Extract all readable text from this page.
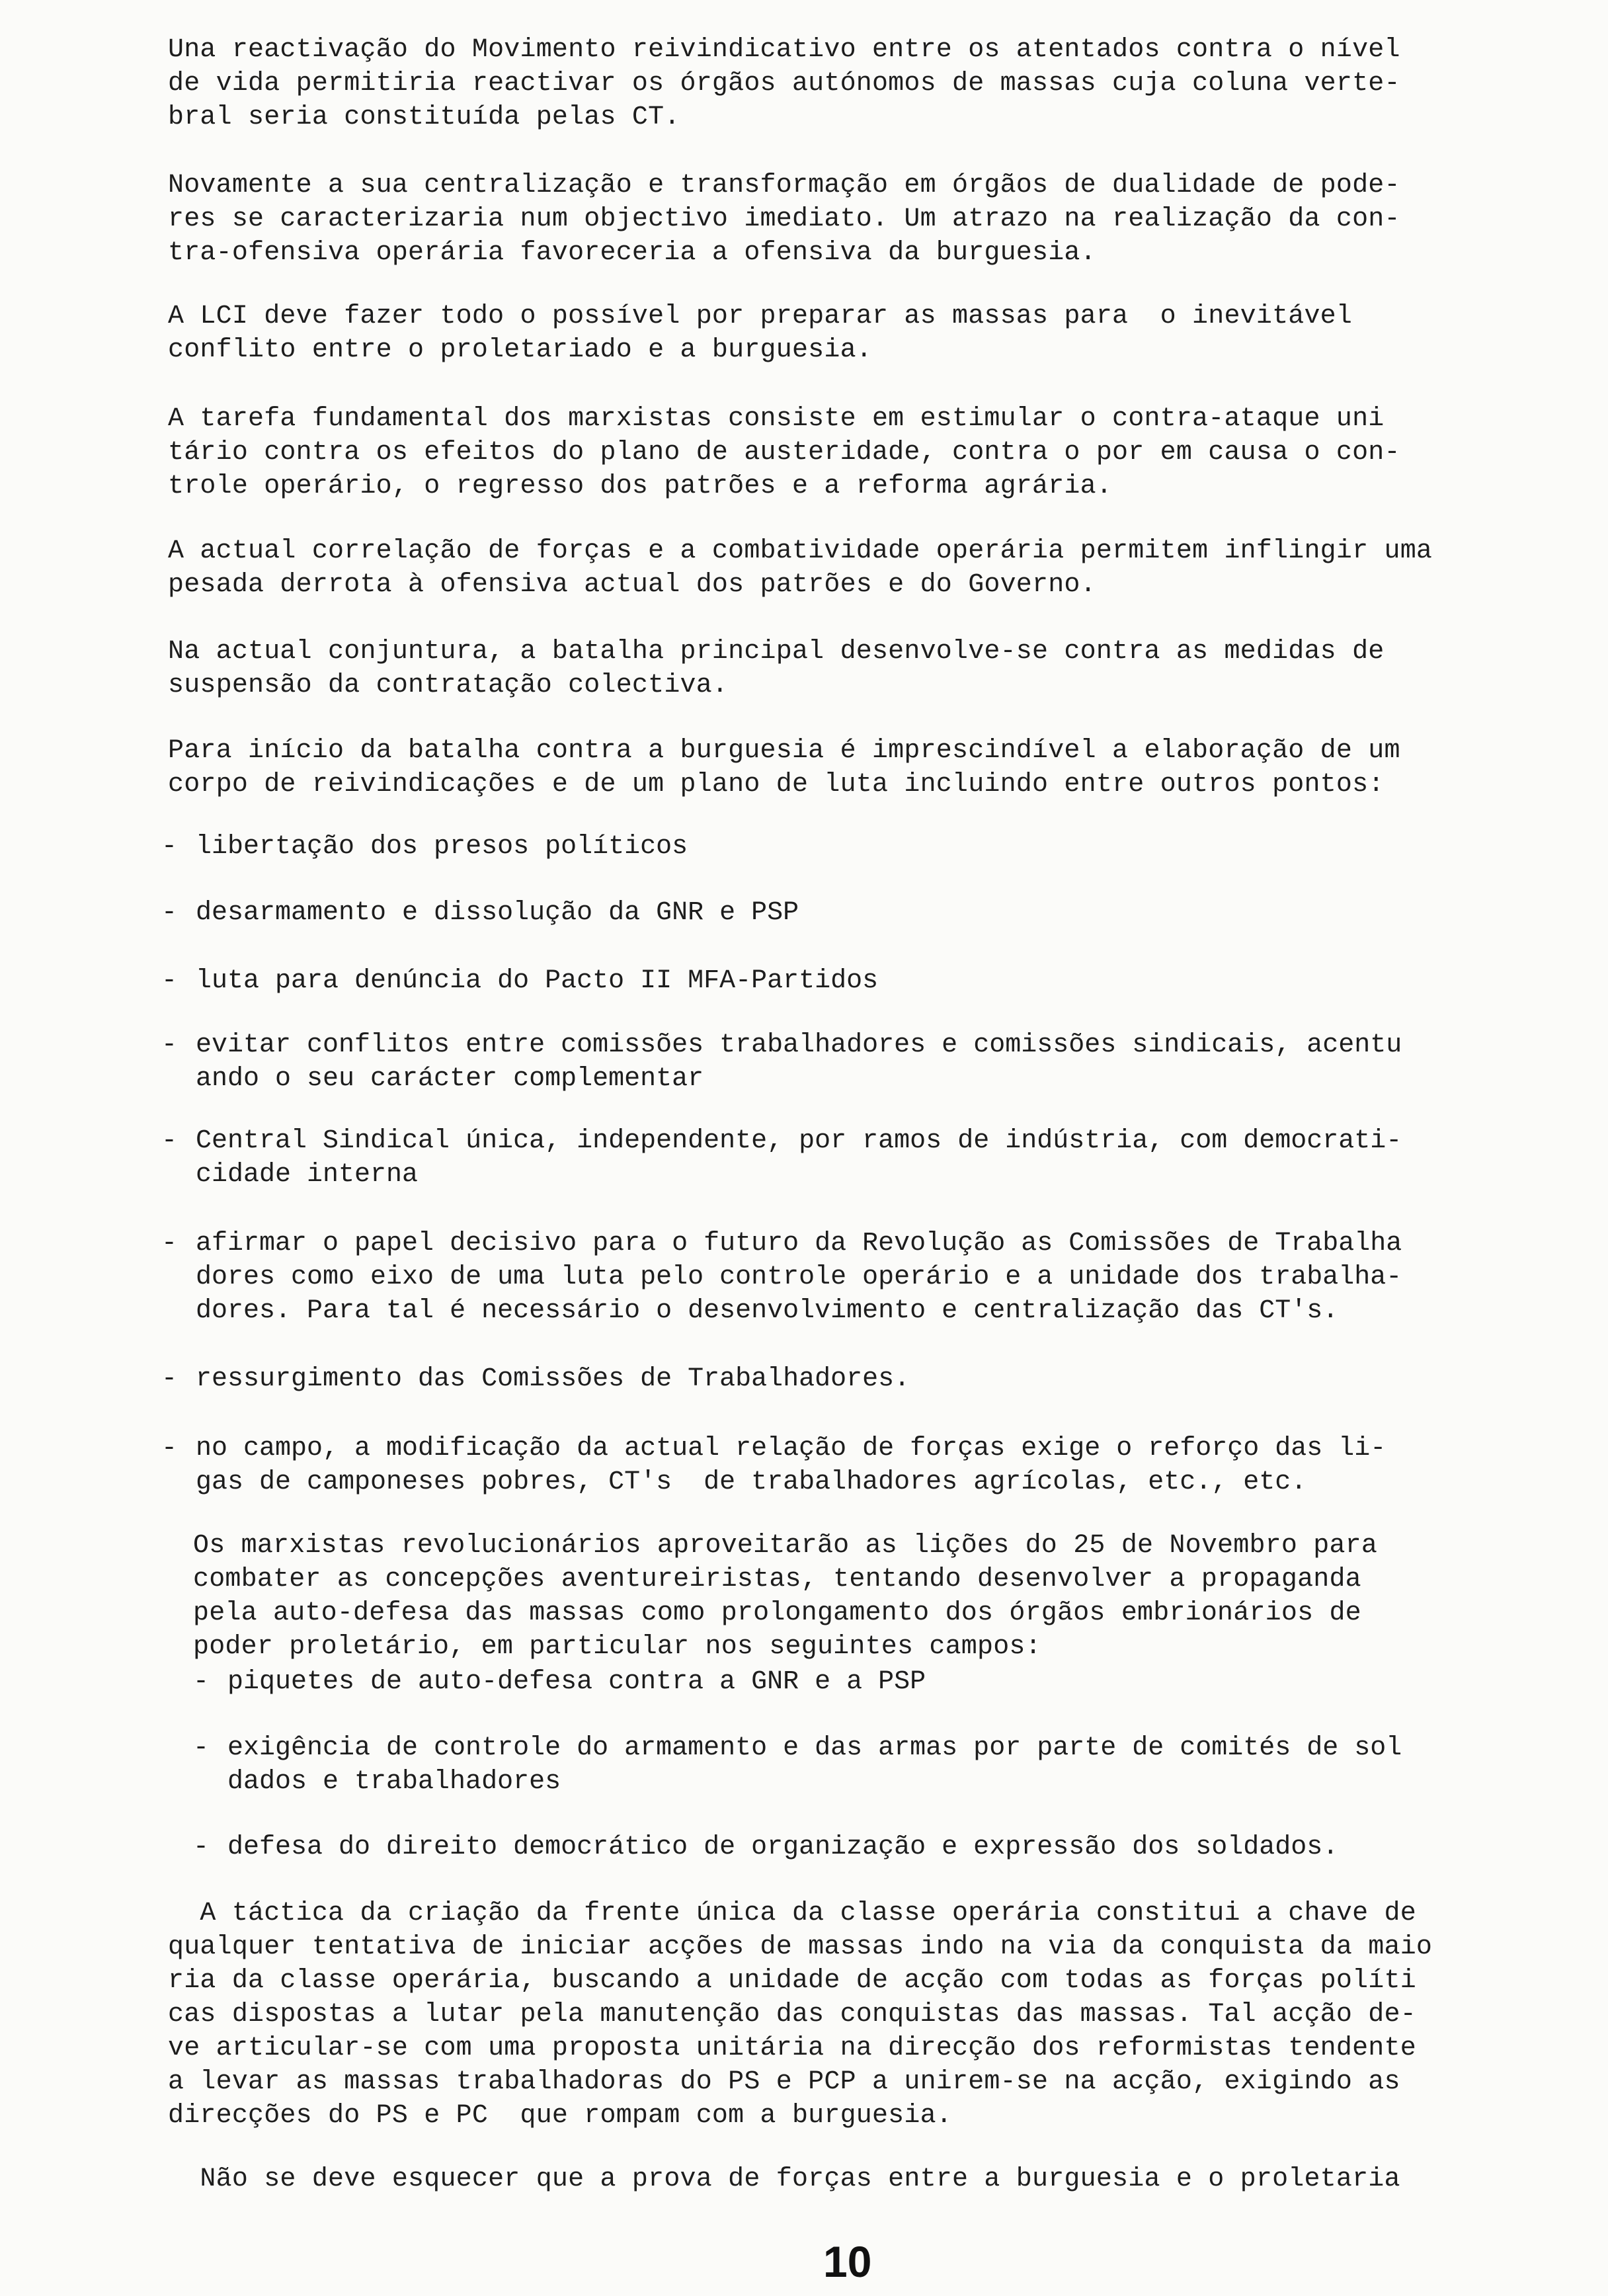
Una reactivação do Movimento reivindicativo entre os atentados contra o nível
de vida permitiria reactivar os órgãos autónomos de massas cuja coluna verte-
bral seria constituída pelas CT.

Novamente a sua centralização e transformação em órgãos de dualidade de pode-
res se caracterizaria num objectivo imediato. Um atrazo na realização da con-
tra-ofensiva operária favoreceria a ofensiva da burguesia.

A LCI deve fazer todo o possível por preparar as massas para  o inevitável
conflito entre o proletariado e a burguesia.

A tarefa fundamental dos marxistas consiste em estimular o contra-ataque uni
tário contra os efeitos do plano de austeridade, contra o por em causa o con-
trole operário, o regresso dos patrões e a reforma agrária.

A actual correlação de forças e a combatividade operária permitem inflingir uma
pesada derrota à ofensiva actual dos patrões e do Governo.

Na actual conjuntura, a batalha principal desenvolve-se contra as medidas de
suspensão da contratação colectiva.

Para início da batalha contra a burguesia é imprescindível a elaboração de um
corpo de reivindicações e de um plano de luta incluindo entre outros pontos:

-

libertação dos presos políticos

-

desarmamento e dissolução da GNR e PSP

-

luta para denúncia do Pacto II MFA-Partidos

-

evitar conflitos entre comissões trabalhadores e comissões sindicais, acentu
ando o seu carácter complementar

-

Central Sindical única, independente, por ramos de indústria, com democrati-
cidade interna

-

afirmar o papel decisivo para o futuro da Revolução as Comissões de Trabalha
dores como eixo de uma luta pelo controle operário e a unidade dos trabalha-
dores. Para tal é necessário o desenvolvimento e centralização das CT's.

-

ressurgimento das Comissões de Trabalhadores.

-

no campo, a modificação da actual relação de forças exige o reforço das li-
gas de camponeses pobres, CT's  de trabalhadores agrícolas, etc., etc.

Os marxistas revolucionários aproveitarão as lições do 25 de Novembro para
combater as concepções aventureiristas, tentando desenvolver a propaganda
pela auto-defesa das massas como prolongamento dos órgãos embrionários de
poder proletário, em particular nos seguintes campos:

-

piquetes de auto-defesa contra a GNR e a PSP

-

exigência de controle do armamento e das armas por parte de comités de sol
dados e trabalhadores

-

defesa do direito democrático de organização e expressão dos soldados.

A táctica da criação da frente única da classe operária constitui a chave de
qualquer tentativa de iniciar acções de massas indo na via da conquista da maio
ria da classe operária, buscando a unidade de acção com todas as forças políti
cas dispostas a lutar pela manutenção das conquistas das massas. Tal acção de-
ve articular-se com uma proposta unitária na direcção dos reformistas tendente
a levar as massas trabalhadoras do PS e PCP a unirem-se na acção, exigindo as
direcções do PS e PC  que rompam com a burguesia.

Não se deve esquecer que a prova de forças entre a burguesia e o proletaria

10
